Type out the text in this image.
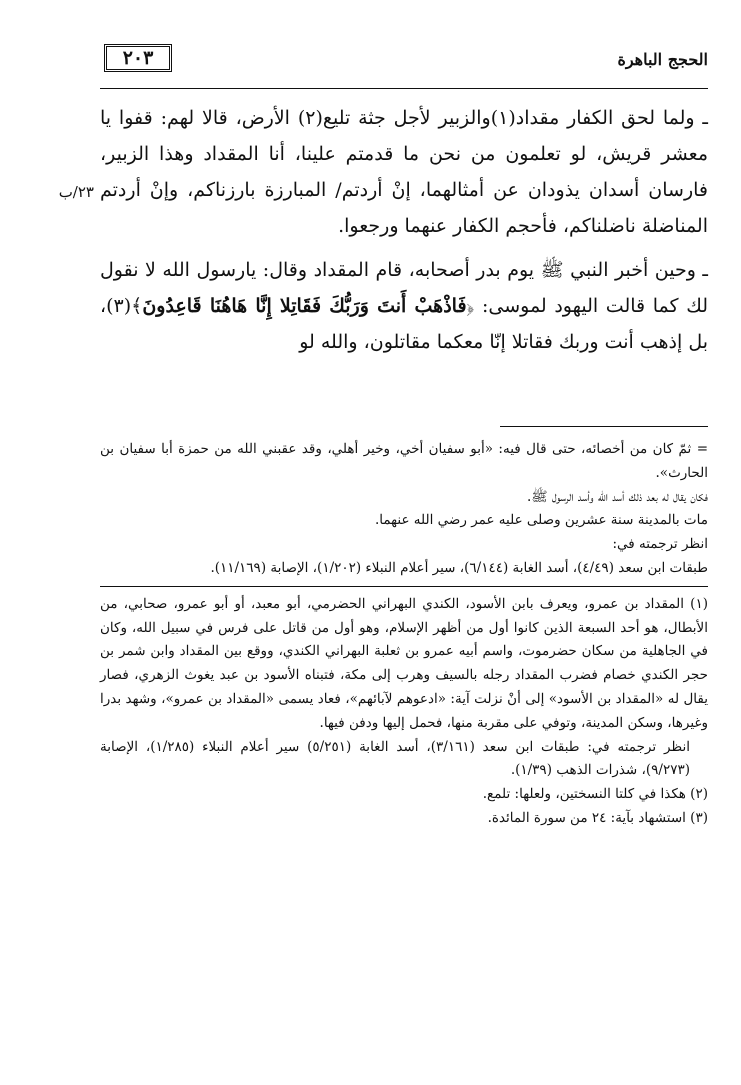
٢٠٣	الحجج الباهرة
٢٣/ب

ـ ولما لحق الكفار مقداد(١)والزبير لأجل جثة تليع(٢) الأرض، قالا لهم: قفوا يا معشر قريش، لو تعلمون من نحن ما قدمتم علينا، أنا المقداد وهذا الزبير، فارسان أسدان يذودان عن أمثالهما، إنْ أردتم/ المبارزة بارزناكم، وإنْ أردتم المناضلة ناضلناكم، فأحجم الكفار عنهما ورجعوا.

ـ وحين أخبر النبي ﷺ يوم بدر أصحابه، قام المقداد وقال: يارسول الله لا نقول لك كما قالت اليهود لموسى: ﴿فَاذْهَبْ أَنتَ وَرَبُّكَ فَقَاتِلا إِنَّا هَاهُنَا قَاعِدُونَ﴾(٣)، بل إذهب أنت وربك فقاتلا إنّا معكما مقاتلون، والله لو

= ثمّ كان من أخصائه، حتى قال فيه: «أبو سفيان أخي، وخير أهلي، وقد عقبني الله من حمزة أبا سفيان بن الحارث».

فكان يقال له بعد ذلك أسد الله وأسد الرسول ﷺ.

مات بالمدينة سنة عشرين وصلى عليه عمر رضي الله عنهما.

انظر ترجمته في:

طبقات ابن سعد (٤/٤٩)، أسد الغابة (٦/١٤٤)، سير أعلام النبلاء (١/٢٠٢)، الإصابة (١١/١٦٩).

(١) المقداد بن عمرو، ويعرف بابن الأسود، الكندي البهراني الحضرمي، أبو معبد، أو أبو عمرو، صحابي، من الأبطال، هو أحد السبعة الذين كانوا أول من أظهر الإسلام، وهو أول من قاتل على فرس في سبيل الله، وكان في الجاهلية من سكان حضرموت، واسم أبيه عمرو بن ثعلبة البهراني الكندي، ووقع بين المقداد وابن شمر بن حجر الكندي خصام فضرب المقداد رجله بالسيف وهرب إلى مكة، فتبناه الأسود بن عبد يغوث الزهري، فصار يقال له «المقداد بن الأسود» إلى أنْ نزلت آية: «ادعوهم لآبائهم»، فعاد يسمى «المقداد بن عمرو»، وشهد بدرا وغيرها، وسكن المدينة، وتوفي على مقربة منها، فحمل إليها ودفن فيها.

انظر ترجمته في: طبقات ابن سعد (٣/١٦١)، أسد الغابة (٥/٢٥١) سير أعلام النبلاء (١/٢٨٥)، الإصابة (٩/٢٧٣)، شذرات الذهب (١/٣٩).

(٢) هكذا في كلتا النسختين، ولعلها: تلمع.

(٣) استشهاد بآية: ٢٤ من سورة المائدة.
